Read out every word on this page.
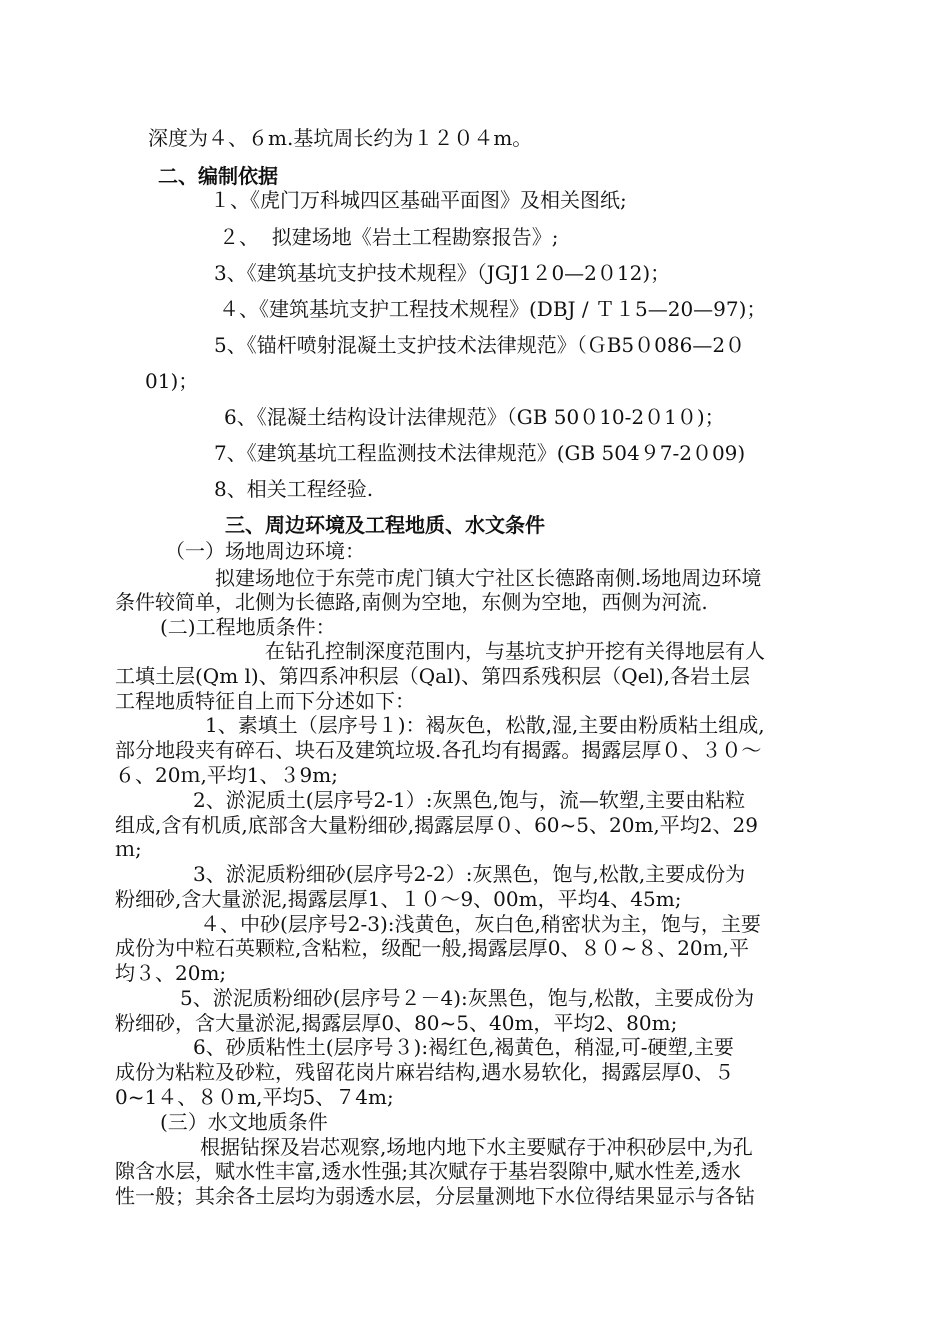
深度为４、６m.基坑周长约为１２０４m。
二、编制依据
１、《虎门万科城四区基础平面图》及相关图纸;
２、  拟建场地《岩土工程勘察报告》;
3、《建筑基坑支护技术规程》（JGJ1２0—2０12)；
４、《建筑基坑支护工程技术规程》(DBJ / Ｔ１5—20—97)；
5、《锚杆喷射混凝土支护技术法律规范》（ＧB5０086—2０
01)；
6、《混凝土结构设计法律规范》（GB 50０10-2０1０)；
7、《建筑基坑工程监测技术法律规范》(GB 504９7-2０09)
8、相关工程经验.
三、周边环境及工程地质、水文条件
（一）场地周边环境：
拟建场地位于东莞市虎门镇大宁社区长德路南侧.场地周边环境
条件较简单，北侧为长德路,南侧为空地，东侧为空地，西侧为河流.
(二)工程地质条件：
在钻孔控制深度范围内，与基坑支护开挖有关得地层有人
工填土层(Qm l)、第四系冲积层（Qal)、第四系残积层（Qel),各岩土层
工程地质特征自上而下分述如下：
1、素填土（层序号１)：褐灰色，松散,湿,主要由粉质粘土组成,
部分地段夹有碎石、块石及建筑垃圾.各孔均有揭露。揭露层厚０、３０～
６、20ｍ,平均1、３9m;
2、淤泥质土(层序号2-1）:灰黑色,饱与，流—软塑,主要由粘粒
组成,含有机质,底部含大量粉细砂,揭露层厚０、60~5、20m,平均2、29
ｍ;
3、淤泥质粉细砂(层序号2-2）:灰黑色，饱与,松散,主要成份为
粉细砂,含大量淤泥,揭露层厚1、１０～9、00m，平均4、45m;
４、中砂(层序号2-3):浅黄色，灰白色,稍密状为主，饱与，主要
成份为中粒石英颗粒,含粘粒，级配一般,揭露层厚0、８０~８、20ｍ,平
均３、20m;
5、淤泥质粉细砂(层序号２－4):灰黑色，饱与,松散，主要成份为
粉细砂，含大量淤泥,揭露层厚0、80~5、40m，平均2、80m;
6、砂质粘性土(层序号３):褐红色,褐黄色，稍湿,可-硬塑,主要
成份为粘粒及砂粒，残留花岗片麻岩结构,遇水易软化，揭露层厚0、５
0~1４、８０m,平均5、７4m;
(三）水文地质条件
根据钻探及岩芯观察,场地内地下水主要赋存于冲积砂层中,为孔
隙含水层，赋水性丰富,透水性强;其次赋存于基岩裂隙中,赋水性差,透水
性一般；其余各土层均为弱透水层，分层量测地下水位得结果显示与各钻
